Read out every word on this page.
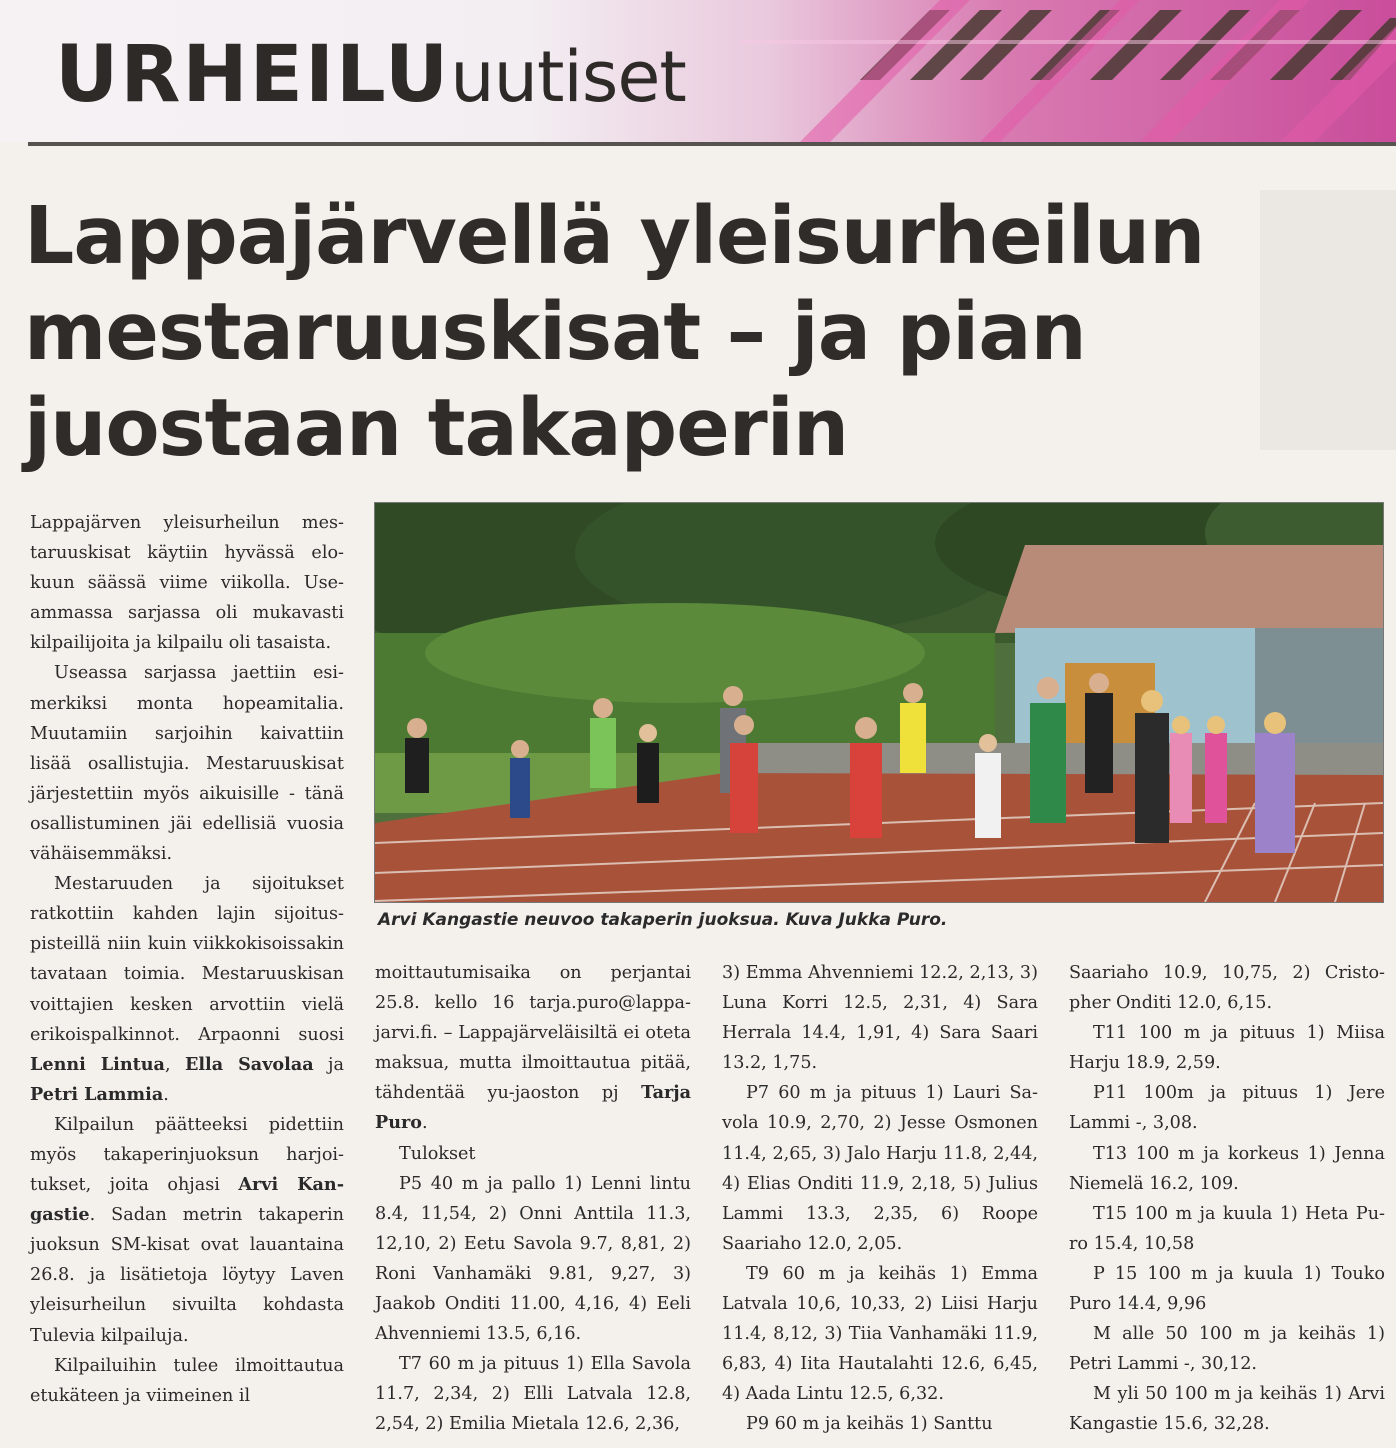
URHEILUuutiset
Lappajärvellä yleisurheilun mestaruuskisat – ja pian juostaan takaperin

Lappajärven yleisurheilun mestaruuskisat käytiin hyvässä elokuun säässä viime viikolla. Useammassa sarjassa oli mukavasti kilpailijoita ja kilpailu oli tasaista.

Useassa sarjassa jaettiin esimerkiksi monta hopeamitalia. Muutamiin sarjoihin kaivattiin lisää osallistujia. Mestaruuskisat järjestettiin myös aikuisille - tänä osallistuminen jäi edellisiä vuosia vähäisemmäksi.

Mestaruuden ja sijoitukset ratkottiin kahden lajin sijoituspisteillä niin kuin viikkokisoissakin tavataan toimia. Mestaruuskisan voittajien kesken arvottiin vielä erikoispalkinnot. Arpaonni suosi Lenni Lintua, Ella Savolaa ja Petri Lammia.

Kilpailun päätteeksi pidettiin myös takaperinjuoksun harjoitukset, joita ohjasi Arvi Kangastie. Sadan metrin takaperin juoksun SM-kisat ovat lauantaina 26.8. ja lisätietoja löytyy Laven yleisurheilun sivuilta kohdasta Tulevia kilpailuja.

Kilpailuihin tulee ilmoittautua etukäteen ja viimeinen il

Arvi Kangastie neuvoo takaperin juoksua. Kuva Jukka Puro.

moittautumisaika on perjantai 25.8. kello 16 tarja.puro@lappajarvi.fi. – Lappajärveläisiltä ei oteta maksua, mutta ilmoittautua pitää, tähdentää yu-jaoston pj Tarja Puro.

Tulokset

P5 40 m ja pallo 1) Lenni lintu 8.4, 11,54, 2) Onni Anttila 11.3, 12,10, 2) Eetu Savola 9.7, 8,81, 2) Roni Vanhamäki 9.81, 9,27, 3) Jaakob Onditi 11.00, 4,16, 4) Eeli Ahvenniemi 13.5, 6,16.

T7 60 m ja pituus 1) Ella Savola 11.7, 2,34, 2) Elli Latvala 12.8, 2,54, 2) Emilia Mietala 12.6, 2,36,

3) Emma Ahvenniemi 12.2, 2,13, 3) Luna Korri 12.5, 2,31, 4) Sara Herrala 14.4, 1,91, 4) Sara Saari 13.2, 1,75.

P7 60 m ja pituus 1) Lauri Savola 10.9, 2,70, 2) Jesse Osmonen 11.4, 2,65, 3) Jalo Harju 11.8, 2,44, 4) Elias Onditi 11.9, 2,18, 5) Julius Lammi 13.3, 2,35, 6) Roope Saariaho 12.0, 2,05.

T9 60 m ja keihäs 1) Emma Latvala 10,6, 10,33, 2) Liisi Harju 11.4, 8,12, 3) Tiia Vanhamäki 11.9, 6,83, 4) Iita Hautalahti 12.6, 6,45, 4) Aada Lintu 12.5, 6,32.

P9 60 m ja keihäs 1) Santtu

Saariaho 10.9, 10,75, 2) Cristopher Onditi 12.0, 6,15.

T11 100 m ja pituus 1) Miisa Harju 18.9, 2,59.

P11 100m ja pituus 1) Jere Lammi -, 3,08.

T13 100 m ja korkeus 1) Jenna Niemelä 16.2, 109.

T15 100 m ja kuula 1) Heta Puro 15.4, 10,58

P 15 100 m ja kuula 1) Touko Puro 14.4, 9,96

M alle 50 100 m ja keihäs 1) Petri Lammi -, 30,12.

M yli 50 100 m ja keihäs 1) Arvi Kangastie 15.6, 32,28.
